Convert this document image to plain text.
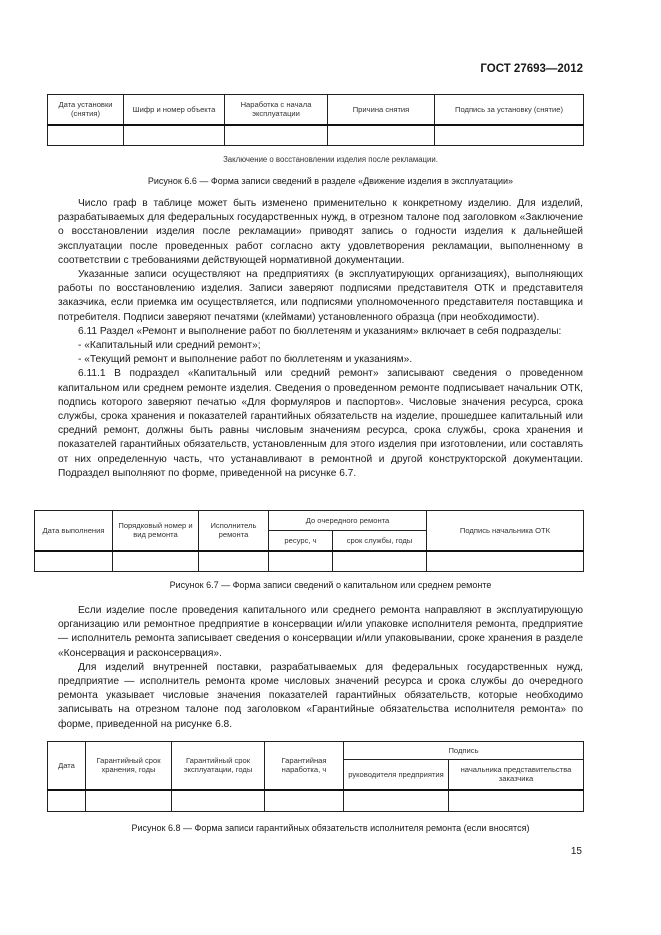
ГОСТ 27693—2012
Дата установки (снятия)	Шифр и номер объекта	Наработка с начала эксплуатации	Причина снятия	Подпись за установку (снятие)

Заключение о восстановлении изделия после рекламации.
Рисунок 6.6 — Форма записи сведений в разделе «Движение изделия в эксплуатации»

Число граф в таблице может быть изменено применительно к конкретному изделию. Для изделий, разрабатываемых для федеральных государственных нужд, в отрезном талоне под заголовком «Заключение о восстановлении изделия после рекламации» приводят запись о годности изделия к дальнейшей эксплуатации после проведенных работ согласно акту удовлетворения рекламации, выполненному в соответствии с требованиями действующей нормативной документации.

Указанные записи осуществляют на предприятиях (в эксплуатирующих организациях), выполняющих работы по восстановлению изделия. Записи заверяют подписями представителя ОТК и представителя заказчика, если приемка им осуществляется, или подписями уполномоченного представителя поставщика и потребителя. Подписи заверяют печатями (клеймами) установленного образца (при необходимости).

6.11 Раздел «Ремонт и выполнение работ по бюллетеням и указаниям» включает в себя подразделы:

- «Капитальный или средний ремонт»;

- «Текущий ремонт и выполнение работ по бюллетеням и указаниям».

6.11.1 В подраздел «Капитальный или средний ремонт» записывают сведения о проведенном капитальном или среднем ремонте изделия. Сведения о проведенном ремонте подписывает начальник ОТК, подпись которого заверяют печатью «Для формуляров и паспортов». Числовые значения ресурса, срока службы, срока хранения и показателей гарантийных обязательств на изделие, прошедшее капитальный или средний ремонт, должны быть равны числовым значениям ресурса, срока службы, срока хранения и показателей гарантийных обязательств, установленным для этого изделия при изготовлении, или составлять от них определенную часть, что устанавливают в ремонтной и другой конструкторской документации. Подраздел выполняют по форме, приведенной на рисунке 6.7.

Дата выполнения	Порядковый номер и вид ремонта	Исполнитель ремонта	До очередного ремонта		Подпись начальника ОТК
			ресурс, ч	срок службы, годы	

Рисунок 6.7 — Форма записи сведений о капитальном или среднем ремонте

Если изделие после проведения капитального или среднего ремонта направляют в эксплуатирующую организацию или ремонтное предприятие в консервации и/или упаковке исполнителя ремонта, предприятие — исполнитель ремонта записывает сведения о консервации и/или упаковывании, сроке хранения в разделе «Консервация и расконсервация».

Для изделий внутренней поставки, разрабатываемых для федеральных государственных нужд, предприятие — исполнитель ремонта кроме числовых значений ресурса и срока службы до очередного ремонта указывает числовые значения показателей гарантийных обязательств, которые необходимо записывать на отрезном талоне под заголовком «Гарантийные обязательства исполнителя ремонта» по форме, приведенной на рисунке 6.8.

Дата	Гарантийный срок хранения, годы	Гарантийный срок эксплуатации, годы	Гарантийная наработка, ч	Подпись	
				руководителя предприятия	начальника представительства заказчика

Рисунок 6.8 — Форма записи гарантийных обязательств исполнителя ремонта (если вносятся)
15
